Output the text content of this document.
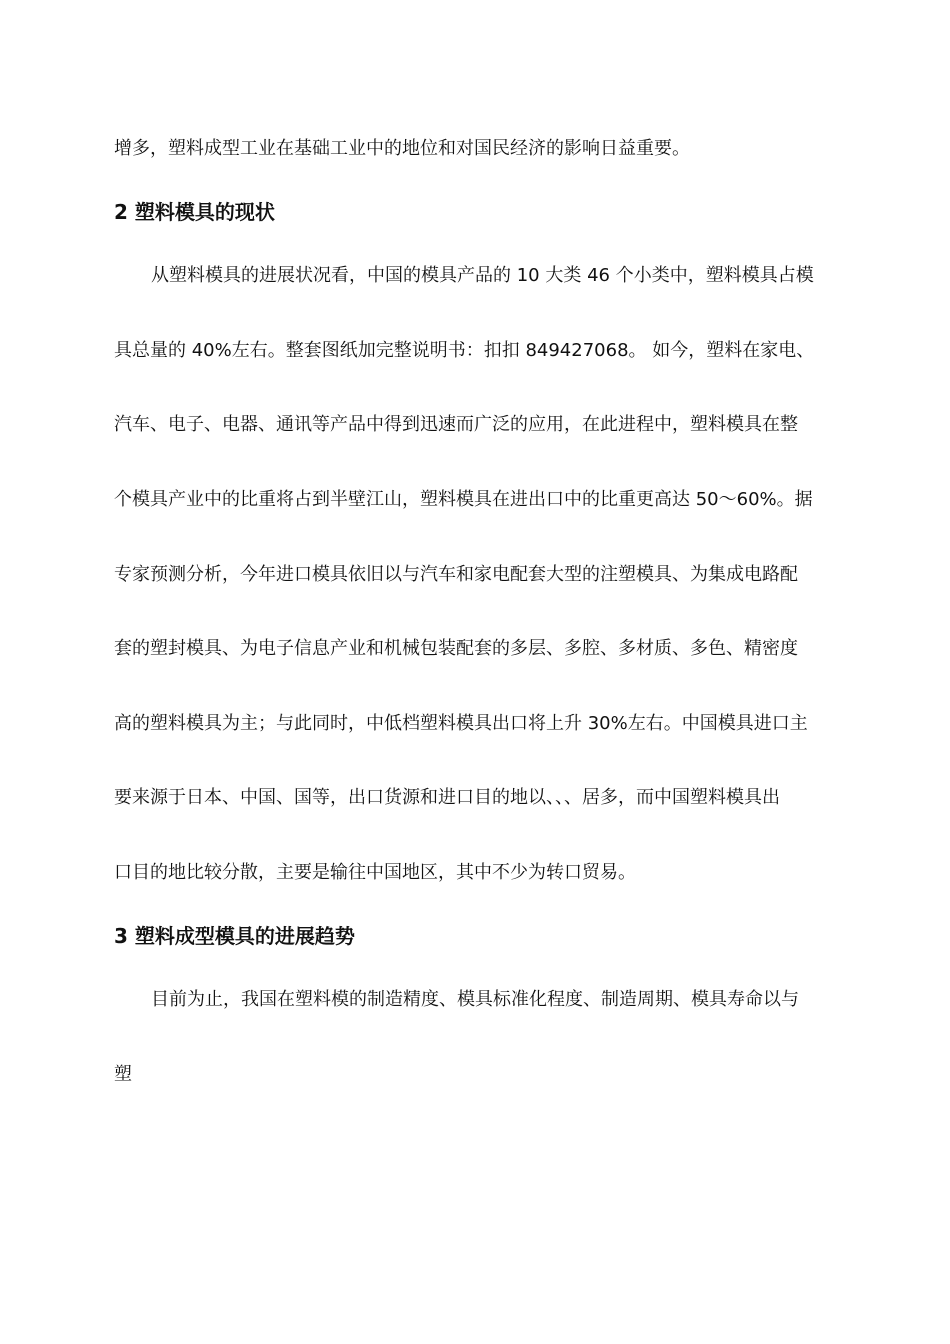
增多，塑料成型工业在基础工业中的地位和对国民经济的影响日益重要。
2 塑料模具的现状
从塑料模具的进展状况看，中国的模具产品的 10 大类 46 个小类中，塑料模具占模
具总量的 40%左右。整套图纸加完整说明书：扣扣 849427068。 如今，塑料在家电、
汽车、电子、电器、通讯等产品中得到迅速而广泛的应用，在此进程中，塑料模具在整
个模具产业中的比重将占到半壁江山，塑料模具在进出口中的比重更高达 50～60%。据
专家预测分析，今年进口模具依旧以与汽车和家电配套大型的注塑模具、为集成电路配
套的塑封模具、为电子信息产业和机械包装配套的多层、多腔、多材质、多色、精密度
高的塑料模具为主；与此同时，中低档塑料模具出口将上升 30%左右。中国模具进口主
要来源于日本、中国、国等，出口货源和进口目的地以、、、居多，而中国塑料模具出
口目的地比较分散，主要是输往中国地区，其中不少为转口贸易。
3 塑料成型模具的进展趋势
目前为止，我国在塑料模的制造精度、模具标准化程度、制造周期、模具寿命以与
塑
